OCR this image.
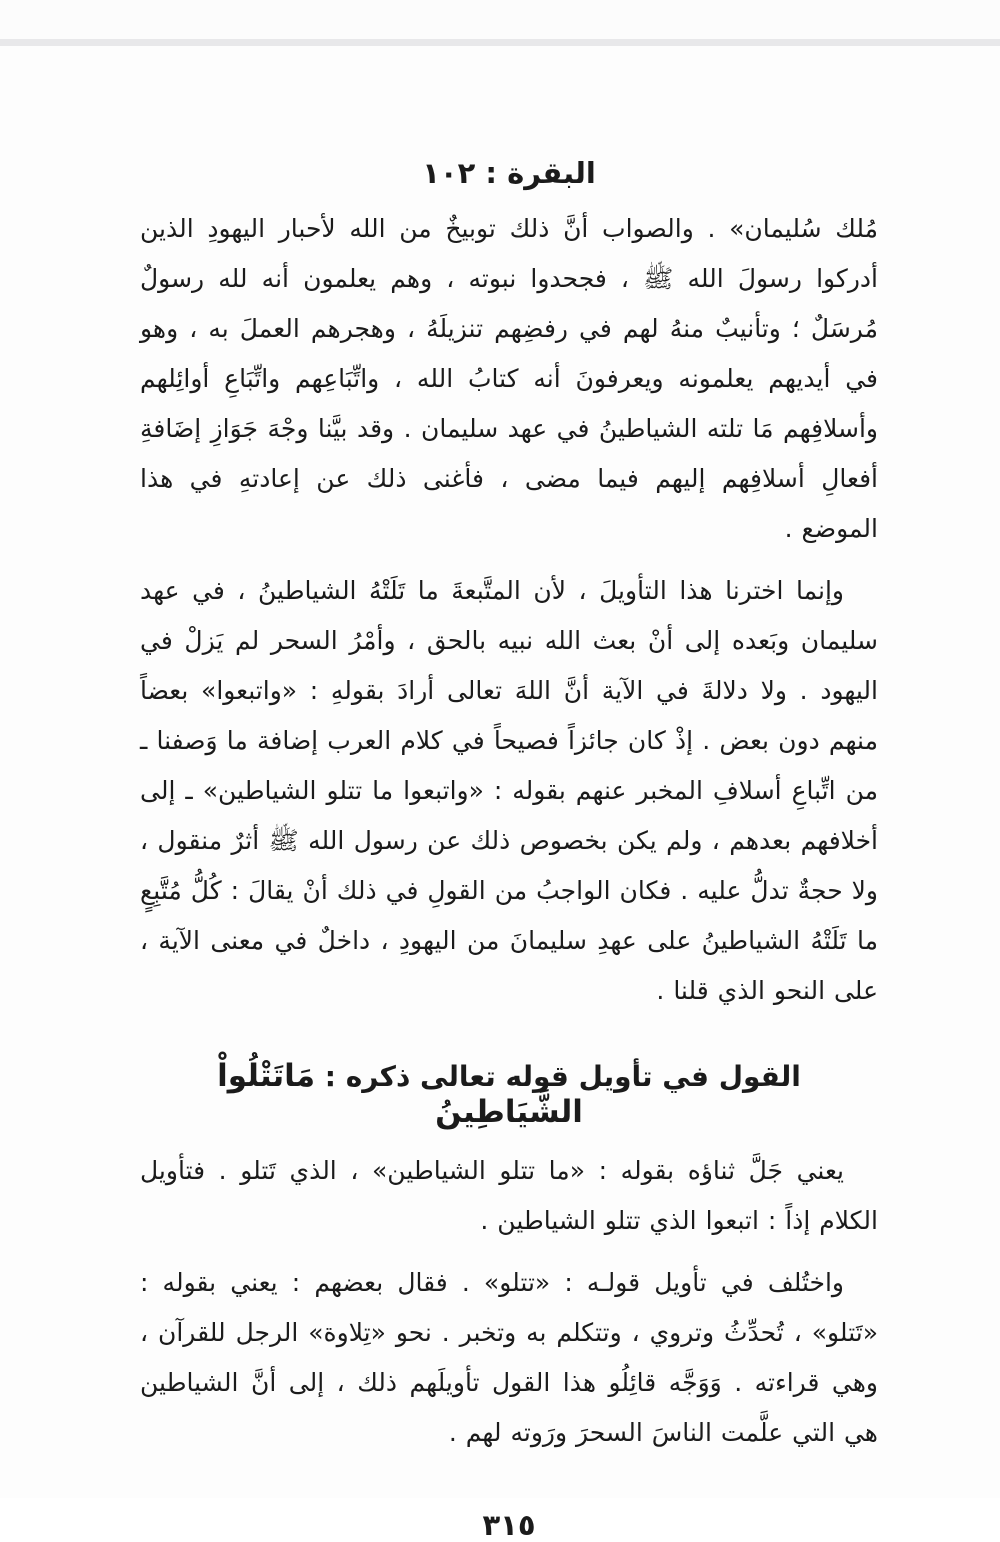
البقرة : ١٠٢

مُلك سُليمان» . والصواب أنَّ ذلك توبيخٌ من الله لأحبار اليهودِ الذين أدركوا رسولَ الله ﷺ ، فجحدوا نبوته ، وهم يعلمون أنه لله رسولٌ مُرسَلٌ ؛ وتأنيبٌ منهُ لهم في رفضِهم تنزيلَهُ ، وهجرهم العملَ به ، وهو في أيديهم يعلمونه ويعرفونَ أنه كتابُ الله ، واتِّبَاعِهم واتِّبَاعِ أوائِلهم وأسلافِهم مَا تلته الشياطينُ في عهد سليمان . وقد بيَّنا وجْهَ جَوَازِ إضَافةِ أفعالِ أسلافِهم إليهم فيما مضى ، فأغنى ذلك عن إعادتهِ في هذا الموضع .

وإنما اخترنا هذا التأويلَ ، لأن المتَّبعةَ ما تَلَتْهُ الشياطينُ ، في عهد سليمان وبَعده إلى أنْ بعث الله نبيه بالحق ، وأمْرُ السحر لم يَزلْ في اليهود . ولا دلالةَ في الآية أنَّ اللهَ تعالى أرادَ بقولهِ : «واتبعوا» بعضاً منهم دون بعض . إذْ كان جائزاً فصيحاً في كلام العرب إضافة ما وَصفنا ـ من اتِّباعِ أسلافِ المخبر عنهم بقوله : «واتبعوا ما تتلو الشياطين» ـ إلى أخلافهم بعدهم ، ولم يكن بخصوص ذلك عن رسول الله ﷺ أثرٌ منقول ، ولا حجةٌ تدلُّ عليه . فكان الواجبُ من القولِ في ذلك أنْ يقالَ : كُلُّ مُتَّبِعٍ ما تَلَتْهُ الشياطينُ على عهدِ سليمانَ من اليهودِ ، داخلٌ في معنى الآية ، على النحو الذي قلنا .

القول في تأويل قوله تعالى ذكره : مَاتَتْلُواْ الشَّيَاطِينُ

يعني جَلَّ ثناؤه بقوله : «ما تتلو الشياطين» ، الذي تَتلو . فتأويل الكلام إذاً : اتبعوا الذي تتلو الشياطين .

واختُلف في تأويل قولـه : «تتلو» . فقال بعضهم : يعني بقوله : «تَتلو» ، تُحدِّثُ وتروي ، وتتكلم به وتخبر . نحو «تِلاوة» الرجل للقرآن ، وهي قراءته . وَوَجَّه قائِلُو هذا القول تأويلَهم ذلك ، إلى أنَّ الشياطين هي التي علَّمت الناسَ السحرَ ورَوته لهم .

٣١٥
